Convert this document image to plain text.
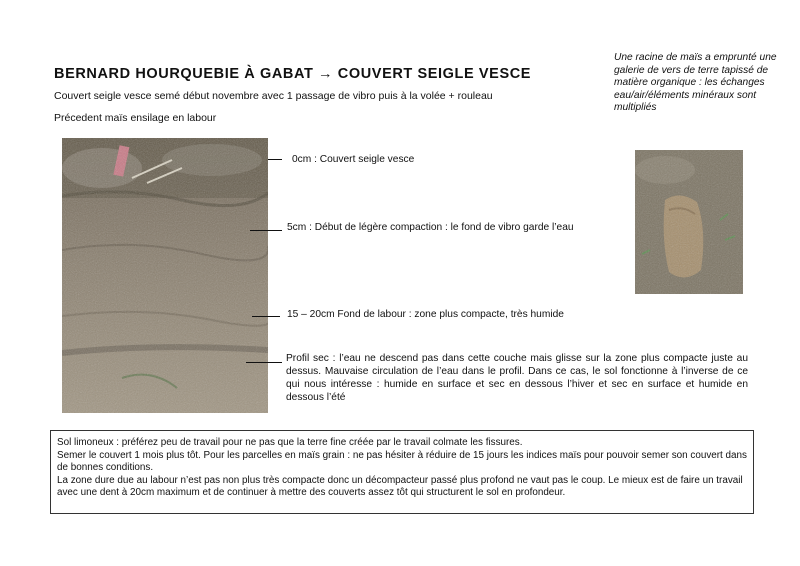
BERNARD HOURQUEBIE À GABAT → COUVERT SEIGLE VESCE
Couvert seigle vesce semé début novembre avec 1 passage de vibro puis à la volée + rouleau
Précedent maïs ensilage en labour
Une racine de maïs a emprunté une galerie de vers de terre tapissé de matière organique : les échanges eau/air/éléments minéraux sont multipliés
0cm : Couvert seigle vesce
5cm : Début de légère compaction : le fond de vibro garde l’eau
15 – 20cm Fond de labour : zone plus compacte, très humide
Profil sec : l’eau ne descend pas dans cette couche mais glisse sur la zone plus compacte juste au dessus. Mauvaise circulation de l’eau dans le profil. Dans ce cas, le sol fonctionne à l’inverse de ce qui nous intéresse : humide en surface et sec en dessous l’hiver et sec en surface et humide en dessous l’été

Sol limoneux : préférez peu de travail pour ne pas que la terre fine créée par le travail colmate les fissures.

Semer le couvert 1 mois plus tôt. Pour les parcelles en maïs grain : ne pas hésiter à réduire de 15 jours les indices maïs pour pouvoir semer son couvert dans de bonnes conditions.

La zone dure due au labour n’est pas non plus très compacte donc un décompacteur passé plus profond ne vaut pas le coup. Le mieux est de faire un travail avec une dent à 20cm maximum et de continuer à mettre des couverts assez tôt qui structurent le sol en profondeur.
